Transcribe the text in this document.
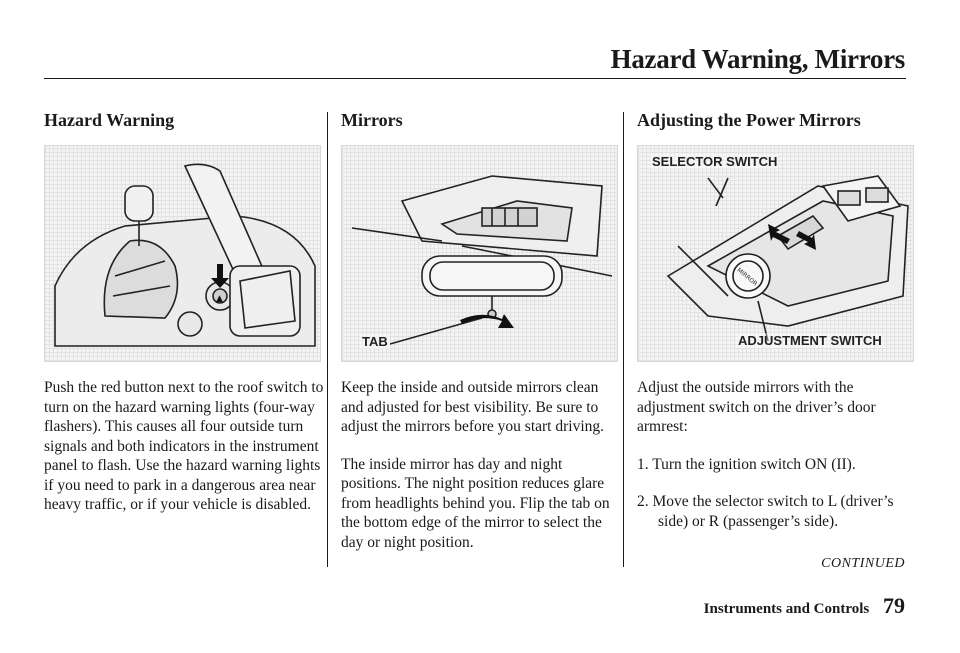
Hazard Warning, Mirrors
Hazard Warning
▲

Push the red button next to the roof switch to turn on the hazard warning lights (four-way flashers). This causes all four outside turn signals and both indicators in the instrument panel to flash. Use the hazard warning lights if you need to park in a dangerous area near heavy traffic, or if your vehicle is disabled.

Mirrors
TAB

Keep the inside and outside mirrors clean and adjusted for best visibility. Be sure to adjust the mirrors before you start driving.

The inside mirror has day and night positions. The night position reduces glare from headlights behind you. Flip the tab on the bottom edge of the mirror to select the day or night position.

Adjusting the Power Mirrors
MIRROR
SELECTOR SWITCH
ADJUSTMENT SWITCH

Adjust the outside mirrors with the adjustment switch on the driver’s door armrest:

1. Turn the ignition switch ON (II).

2. Move the selector switch to L (driver’s side) or R (passenger’s side).

CONTINUED
Instruments and Controls 79
